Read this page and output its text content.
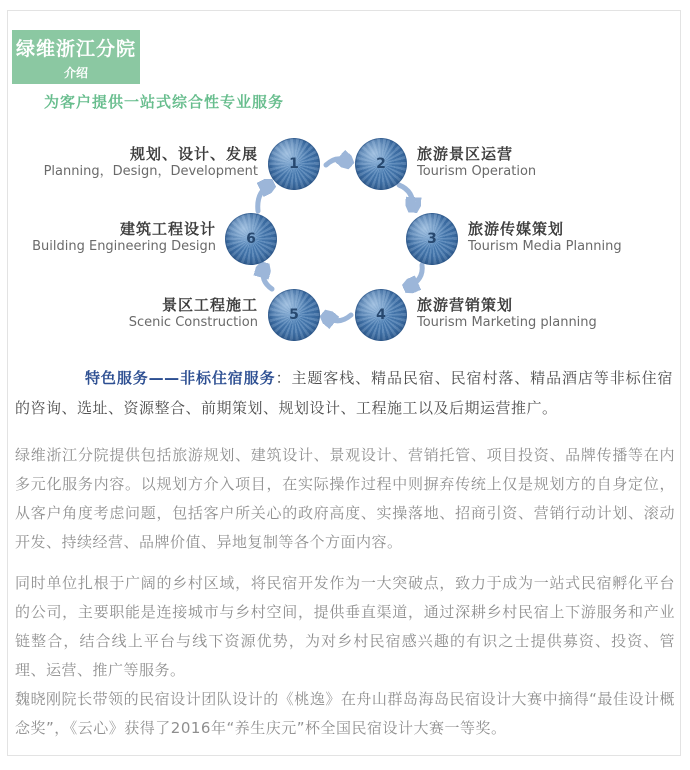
绿维浙江分院
介绍
为客户提供一站式综合性专业服务
1	2
3
4
5
6
规划、设计、发展
Planning，Design，Development
旅游景区运营
Tourism Operation
旅游传媒策划
Tourism Media Planning
旅游营销策划
Tourism Marketing planning
景区工程施工
Scenic Construction
建筑工程设计
Building Engineering Design
特色服务——非标住宿服务：主题客栈、精品民宿、民宿村落、精品酒店等非标住宿的咨询、选址、资源整合、前期策划、规划设计、工程施工以及后期运营推广。
绿维浙江分院提供包括旅游规划、建筑设计、景观设计、营销托管、项目投资、品牌传播等在内多元化服务内容。以规划方介入项目，在实际操作过程中则摒弃传统上仅是规划方的自身定位，从客户角度考虑问题，包括客户所关心的政府高度、实操落地、招商引资、营销行动计划、滚动开发、持续经营、品牌价值、异地复制等各个方面内容。
同时单位扎根于广阔的乡村区域，将民宿开发作为一大突破点，致力于成为一站式民宿孵化平台的公司，主要职能是连接城市与乡村空间，提供垂直渠道，通过深耕乡村民宿上下游服务和产业链整合，结合线上平台与线下资源优势，为对乡村民宿感兴趣的有识之士提供募资、投资、管理、运营、推广等服务。
魏晓刚院长带领的民宿设计团队设计的《桃逸》在舟山群岛海岛民宿设计大赛中摘得“最佳设计概念奖”，《云心》获得了2016年“养生庆元”杯全国民宿设计大赛一等奖。
